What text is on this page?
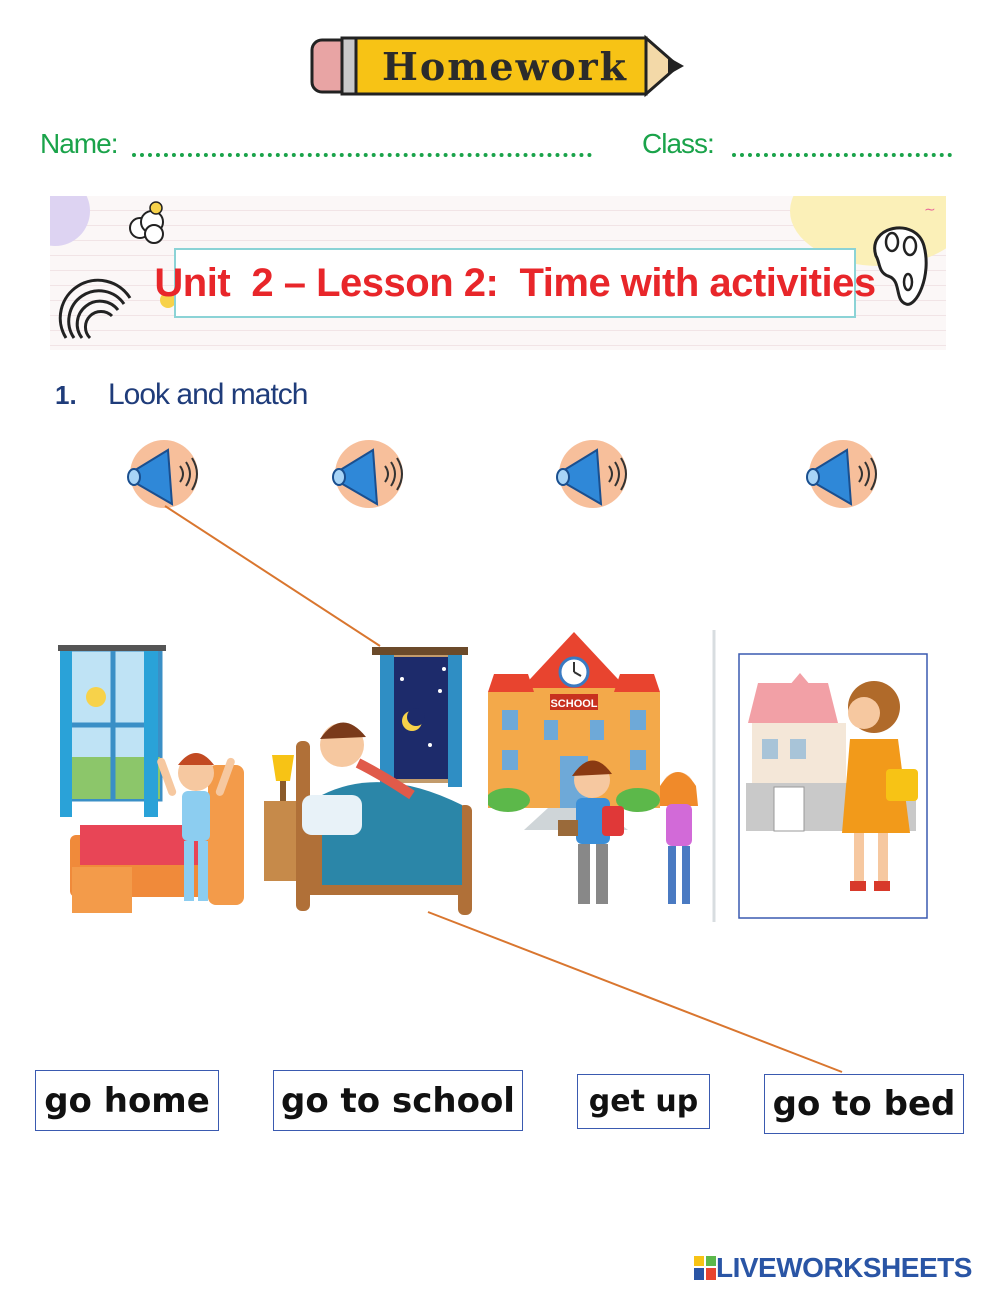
Homework
Name:	Class:
∼
Unit  2 – Lesson 2:  Time with activities
1. Look and match
SCHOOL
go home go to school get up go to bed
LIVEWORKSHEETS
